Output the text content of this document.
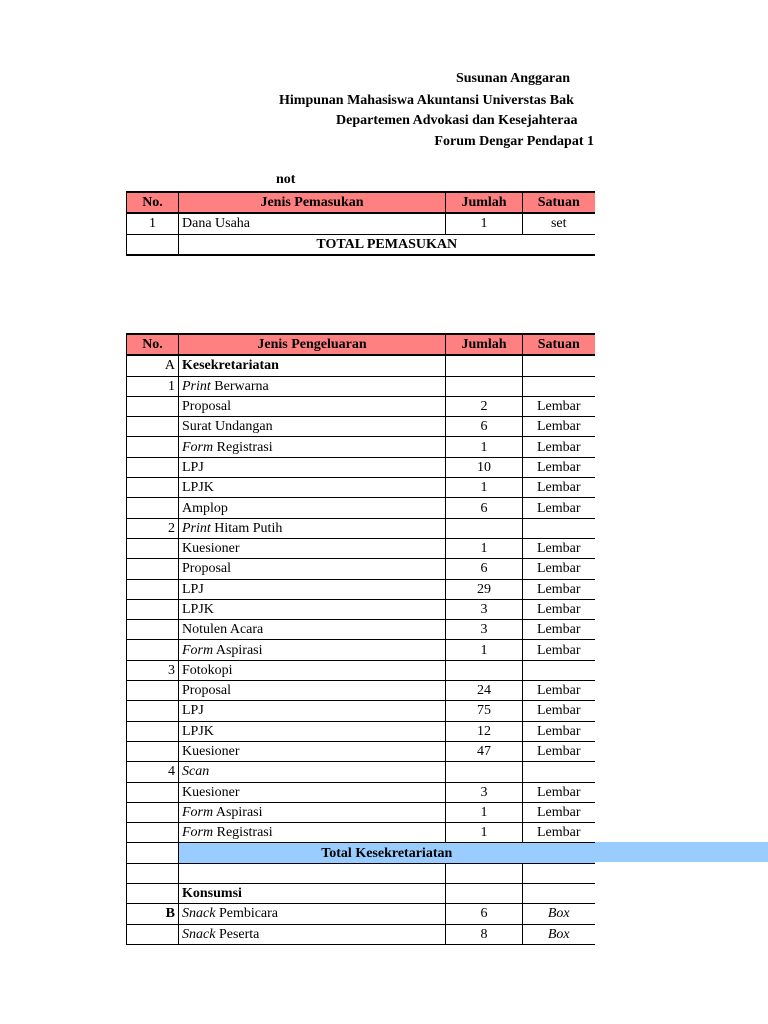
Susunan Anggaran
Himpunan Mahasiswa Akuntansi Universtas Bak
Departemen Advokasi dan Kesejahteraa
Forum Dengar Pendapat 1
not
No.	Jenis Pemasukan	Jumlah	Satuan
1	Dana Usaha	1	set
	TOTAL PEMASUKAN		
No.	Jenis Pengeluaran	Jumlah	Satuan
A	Kesekretariatan		
1	Print Berwarna		
	Proposal	2	Lembar
	Surat Undangan	6	Lembar
	Form Registrasi	1	Lembar
	LPJ	10	Lembar
	LPJK	1	Lembar
	Amplop	6	Lembar
2	Print Hitam Putih		
	Kuesioner	1	Lembar
	Proposal	6	Lembar
	LPJ	29	Lembar
	LPJK	3	Lembar
	Notulen Acara	3	Lembar
	Form Aspirasi	1	Lembar
3	Fotokopi		
	Proposal	24	Lembar
	LPJ	75	Lembar
	LPJK	12	Lembar
	Kuesioner	47	Lembar
4	Scan		
	Kuesioner	3	Lembar
	Form Aspirasi	1	Lembar
	Form Registrasi	1	Lembar
	Total Kesekretariatan		

	Konsumsi		
B	Snack Pembicara	6	Box
	Snack Peserta	8	Box
